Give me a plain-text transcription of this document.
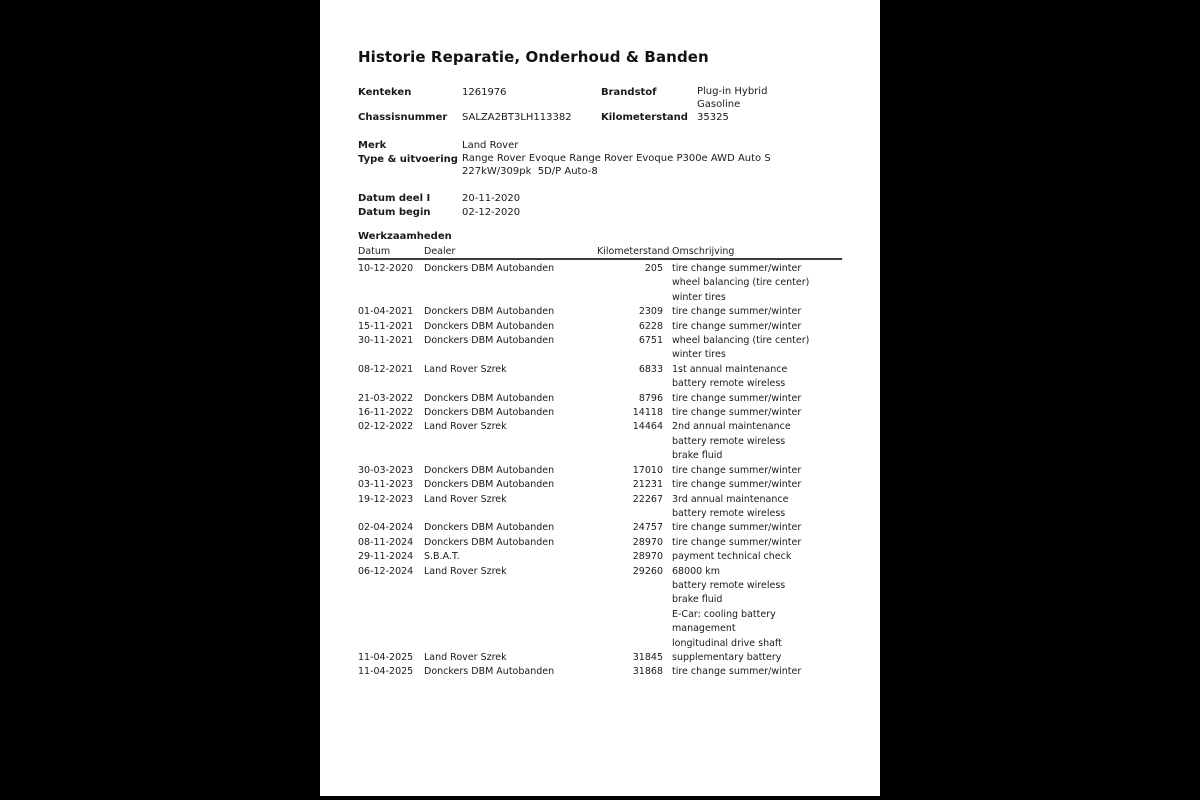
Historie Reparatie, Onderhoud & Banden
Kenteken	1261976	Brandstof	Plug-in Hybrid
Gasoline
Chassisnummer	SALZA2BT3LH113382	Kilometerstand 35325
Merk	Land Rover
Type & uitvoering Range Rover Evoque Range Rover Evoque P300e AWD Auto S
227kW/309pk  5D/P Auto-8
Datum deel I	20-11-2020
Datum begin	02-12-2020
Werkzaamheden
Datum	Dealer	Kilometerstand Omschrijving
10-12-2020	Donckers DBM Autobanden	205 tire change summer/winter
wheel balancing (tire center)
winter tires
01-04-2021	Donckers DBM Autobanden	2309 tire change summer/winter
15-11-2021	Donckers DBM Autobanden	6228 tire change summer/winter
30-11-2021	Donckers DBM Autobanden	6751 wheel balancing (tire center)
winter tires
08-12-2021	Land Rover Szrek	6833 1st annual maintenance
battery remote wireless
21-03-2022	Donckers DBM Autobanden	8796 tire change summer/winter
16-11-2022	Donckers DBM Autobanden	14118 tire change summer/winter
02-12-2022	Land Rover Szrek	14464 2nd annual maintenance
battery remote wireless
brake fluid
30-03-2023	Donckers DBM Autobanden	17010 tire change summer/winter
03-11-2023	Donckers DBM Autobanden	21231 tire change summer/winter
19-12-2023	Land Rover Szrek	22267 3rd annual maintenance
battery remote wireless
02-04-2024	Donckers DBM Autobanden	24757 tire change summer/winter
08-11-2024	Donckers DBM Autobanden	28970 tire change summer/winter
29-11-2024	S.B.A.T.	28970 payment technical check
06-12-2024	Land Rover Szrek	29260 68000 km
battery remote wireless
brake fluid
E-Car: cooling battery management
longitudinal drive shaft
11-04-2025	Land Rover Szrek	31845 supplementary battery
11-04-2025	Donckers DBM Autobanden	31868 tire change summer/winter
